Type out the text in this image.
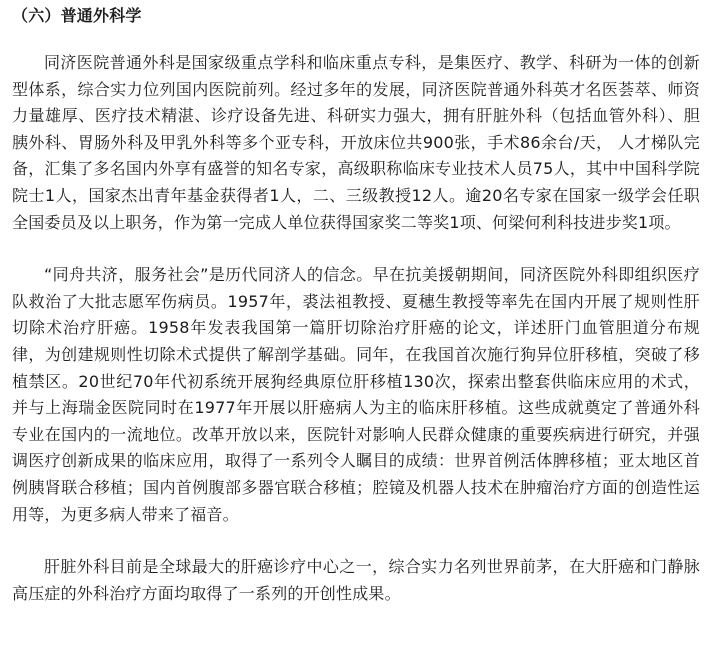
（六）普通外科学

同济医院普通外科是国家级重点学科和临床重点专科，是集医疗、教学、科研为一体的创新型体系，综合实力位列国内医院前列。经过多年的发展，同济医院普通外科英才名医荟萃、师资力量雄厚、医疗技术精湛、诊疗设备先进、科研实力强大，拥有肝脏外科（包括血管外科）、胆胰外科、胃肠外科及甲乳外科等多个亚专科，开放床位共900张，手术86余台/天， 人才梯队完备，汇集了多名国内外享有盛誉的知名专家，高级职称临床专业技术人员75人，其中中国科学院院士1人，国家杰出青年基金获得者1人，二、三级教授12人。逾20名专家在国家一级学会任职全国委员及以上职务，作为第一完成人单位获得国家奖二等奖1项、何梁何利科技进步奖1项。

“同舟共济，服务社会”是历代同济人的信念。早在抗美援朝期间，同济医院外科即组织医疗队救治了大批志愿军伤病员。1957年，裘法祖教授、夏穗生教授等率先在国内开展了规则性肝切除术治疗肝癌。1958年发表我国第一篇肝切除治疗肝癌的论文，详述肝门血管胆道分布规律，为创建规则性切除术式提供了解剖学基础。同年，在我国首次施行狗异位肝移植，突破了移植禁区。20世纪70年代初系统开展狗经典原位肝移植130次，探索出整套供临床应用的术式，并与上海瑞金医院同时在1977年开展以肝癌病人为主的临床肝移植。这些成就奠定了普通外科专业在国内的一流地位。改革开放以来，医院针对影响人民群众健康的重要疾病进行研究，并强调医疗创新成果的临床应用，取得了一系列令人瞩目的成绩：世界首例活体脾移植；亚太地区首例胰肾联合移植；国内首例腹部多器官联合移植；腔镜及机器人技术在肿瘤治疗方面的创造性运用等，为更多病人带来了福音。

肝脏外科目前是全球最大的肝癌诊疗中心之一，综合实力名列世界前茅，在大肝癌和门静脉高压症的外科治疗方面均取得了一系列的开创性成果。
